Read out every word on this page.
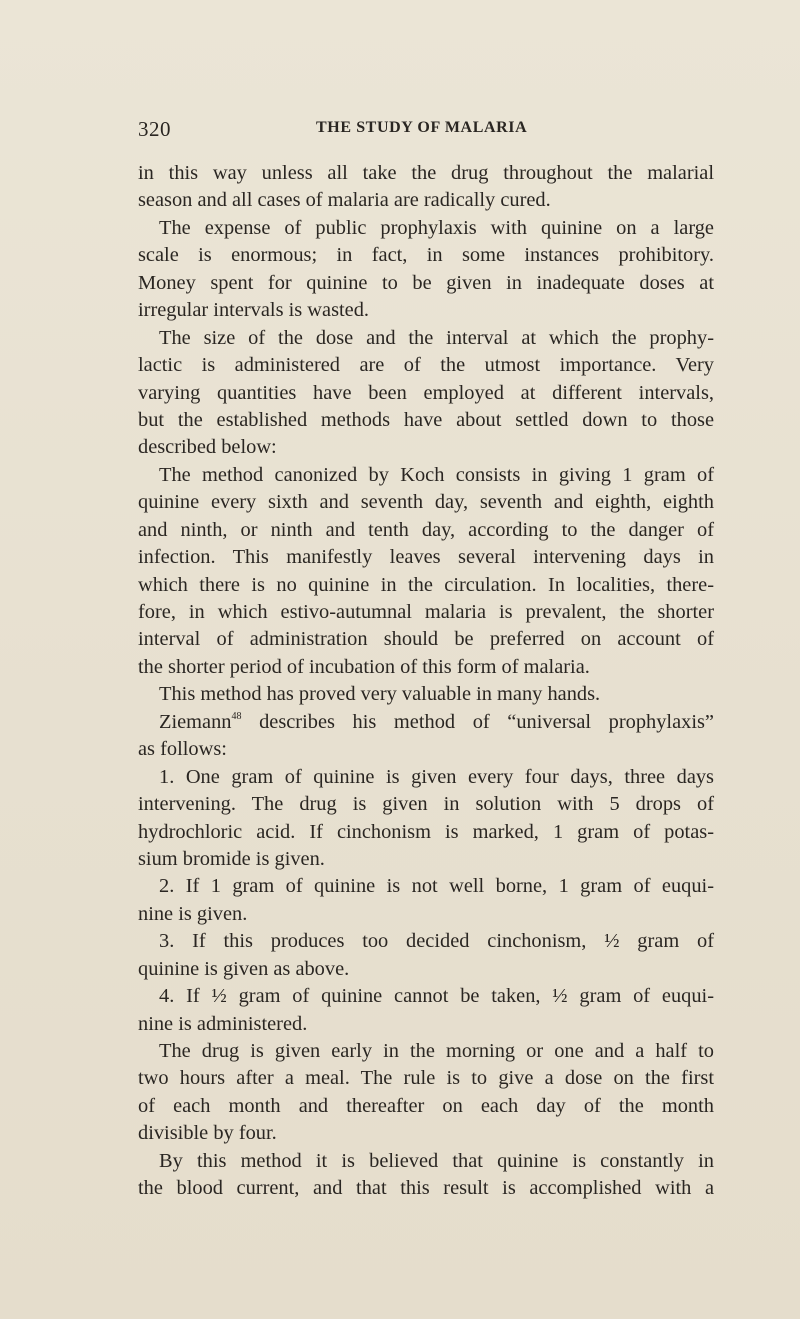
320	THE STUDY OF MALARIA
in this way unless all take the drug throughout the malarial
season and all cases of malaria are radically cured.
The expense of public prophylaxis with quinine on a large
scale is enormous; in fact, in some instances prohibitory.
Money spent for quinine to be given in inadequate doses at
irregular intervals is wasted.
The size of the dose and the interval at which the prophy-
lactic is administered are of the utmost importance. Very
varying quantities have been employed at different intervals,
but the established methods have about settled down to those
described below:
The method canonized by Koch consists in giving 1 gram of
quinine every sixth and seventh day, seventh and eighth, eighth
and ninth, or ninth and tenth day, according to the danger of
infection. This manifestly leaves several intervening days in
which there is no quinine in the circulation. In localities, there-
fore, in which estivo-autumnal malaria is prevalent, the shorter
interval of administration should be preferred on account of
the shorter period of incubation of this form of malaria.
This method has proved very valuable in many hands.
Ziemann$^{48}$ describes his method of “universal prophylaxis”
as follows:
1. One gram of quinine is given every four days, three days
intervening. The drug is given in solution with 5 drops of
hydrochloric acid. If cinchonism is marked, 1 gram of potas-
sium bromide is given.
2. If 1 gram of quinine is not well borne, 1 gram of euqui-
nine is given.
3. If this produces too decided cinchonism, ½ gram of
quinine is given as above.
4. If ½ gram of quinine cannot be taken, ½ gram of euqui-
nine is administered.
The drug is given early in the morning or one and a half to
two hours after a meal. The rule is to give a dose on the first
of each month and thereafter on each day of the month
divisible by four.
By this method it is believed that quinine is constantly in
the blood current, and that this result is accomplished with a
